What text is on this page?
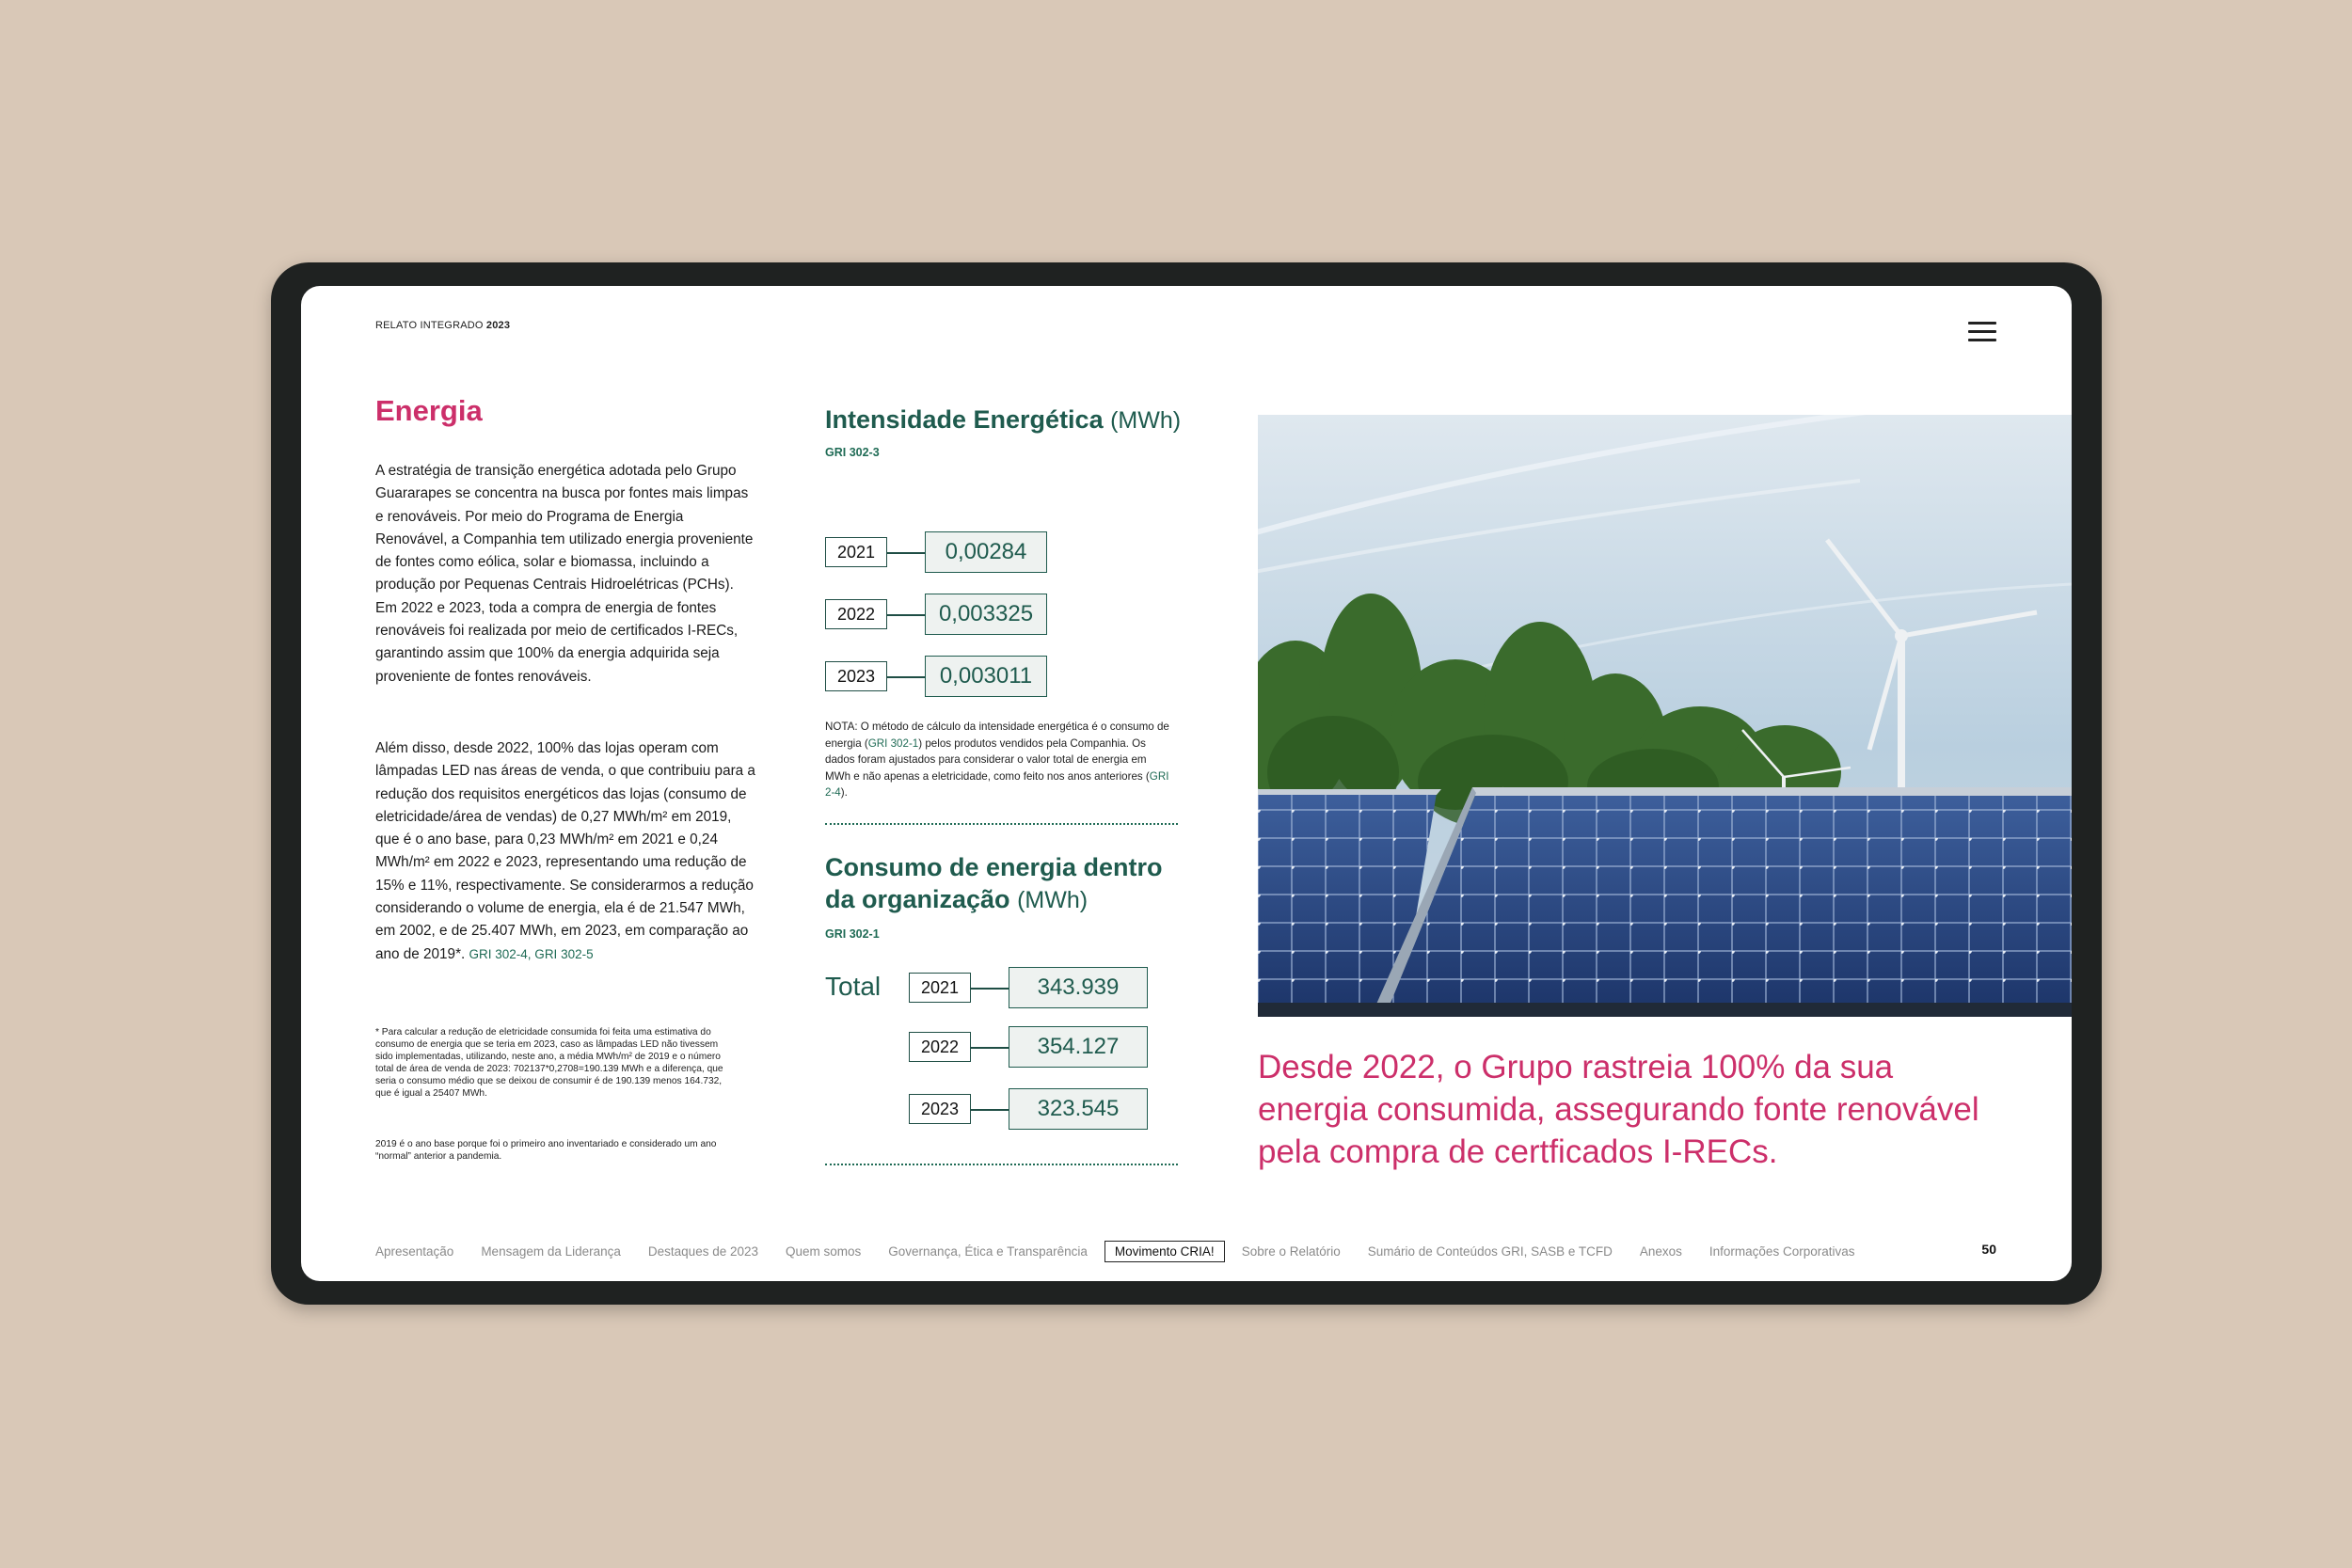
RELATO INTEGRADO 2023
Energia
A estratégia de transição energética adotada pelo Grupo Guararapes se concentra na busca por fontes mais limpas e renováveis. Por meio do Programa de Energia Renovável, a Companhia tem utilizado energia proveniente de fontes como eólica, solar e biomassa, incluindo a produção por Pequenas Centrais Hidroelétricas (PCHs). Em 2022 e 2023, toda a compra de energia de fontes renováveis foi realizada por meio de certificados I-RECs, garantindo assim que 100% da energia adquirida seja proveniente de fontes renováveis.
Além disso, desde 2022, 100% das lojas operam com lâmpadas LED nas áreas de venda, o que contribuiu para a redução dos requisitos energéticos das lojas (consumo de eletricidade/área de vendas) de 0,27 MWh/m² em 2019, que é o ano base, para 0,23 MWh/m² em 2021 e 0,24 MWh/m² em 2022 e 2023, representando uma redução de 15% e 11%, respectivamente. Se considerarmos a redução considerando o volume de energia, ela é de 21.547 MWh, em 2002, e de 25.407 MWh, em 2023, em comparação ao ano de 2019*. GRI 302-4, GRI 302-5
* Para calcular a redução de eletricidade consumida foi feita uma estimativa do consumo de energia que se teria em 2023, caso as lâmpadas LED não tivessem sido implementadas, utilizando, neste ano, a média MWh/m² de 2019 e o número total de área de venda de 2023: 702137*0,2708=190.139 MWh e a diferença, que seria o consumo médio que se deixou de consumir é de 190.139 menos 164.732, que é igual a 25407 MWh.
2019 é o ano base porque foi o primeiro ano inventariado e considerado um ano “normal” anterior a pandemia.
Intensidade Energética (MWh)
GRI 302-3
2021	0,00284
2022	0,003325
2023	0,003011
NOTA: O método de cálculo da intensidade energética é o consumo de energia (GRI 302-1) pelos produtos vendidos pela Companhia. Os dados foram ajustados para considerar o valor total de energia em MWh e não apenas a eletricidade, como feito nos anos anteriores (GRI 2-4).
Consumo de energia dentro
da organização (MWh)
GRI 302-1
Total	2021	343.939
2022	354.127
2023	323.545
Desde 2022, o Grupo rastreia 100% da sua energia consumida, assegurando fonte renovável pela compra de certficados I-RECs.
Apresentação Mensagem da Liderança Destaques de 2023 Quem somos Governança, Ética e Transparência	Movimento CRIA!	Sobre o Relatório Sumário de Conteúdos GRI, SASB e TCFD Anexos Informações Corporativas	50
